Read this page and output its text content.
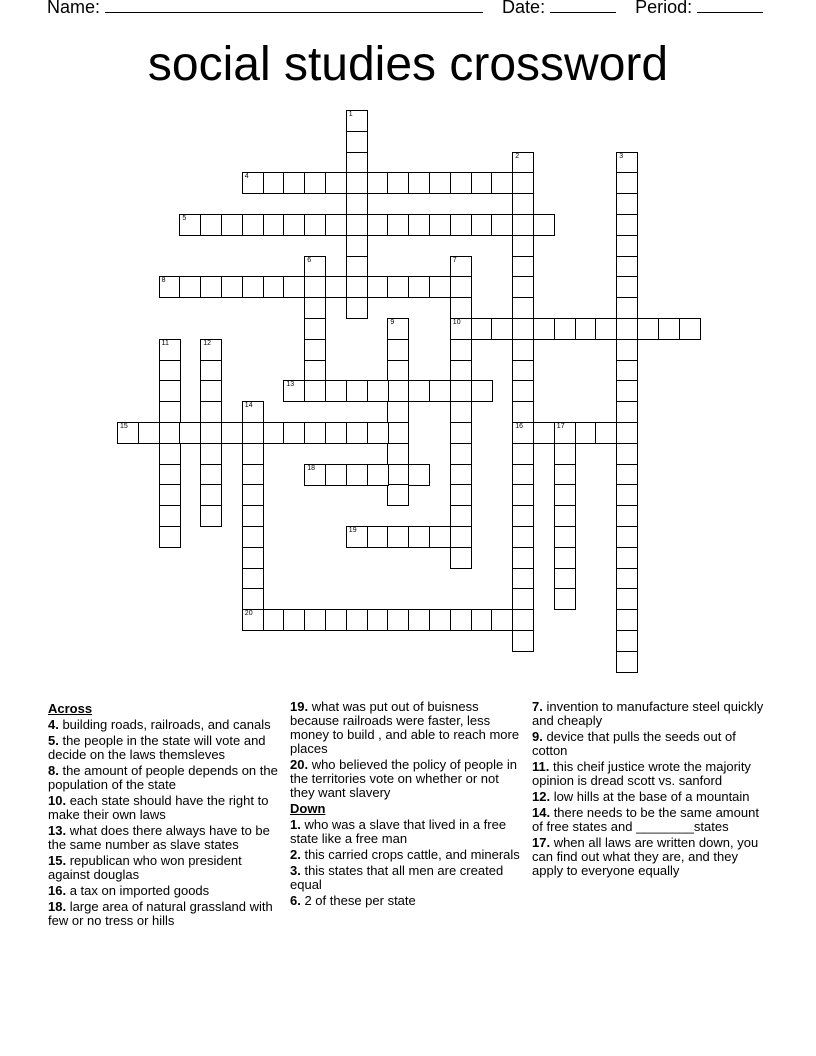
Name:	Date:	Period:
social studies crossword
1
2
16
3
4
5
6	7
10
8
9
11	12
13
14
20
15	17
18
19
Across
4. building roads, railroads, and canals
5. the people in the state will vote and decide on the laws themsleves
8. the amount of people depends on the population of the state
10. each state should have the right to make their own laws
13. what does there always have to be the same number as slave states
15. republican who won president against douglas
16. a tax on imported goods
18. large area of natural grassland with few or no tress or hills
19. what was put out of buisness because railroads were faster, less money to build , and able to reach more places
20. who believed the policy of people in the territories vote on whether or not they want slavery
Down
1. who was a slave that lived in a free state like a free man
2. this carried crops cattle, and minerals
3. this states that all men are created equal
6. 2 of these per state
7. invention to manufacture steel quickly and cheaply
9. device that pulls the seeds out of cotton
11. this cheif justice wrote the majority opinion is dread scott vs. sanford
12. low hills at the base of a mountain
14. there needs to be the same amount of free states and ________states
17. when all laws are written down, you can find out what they are, and they apply to everyone equally
